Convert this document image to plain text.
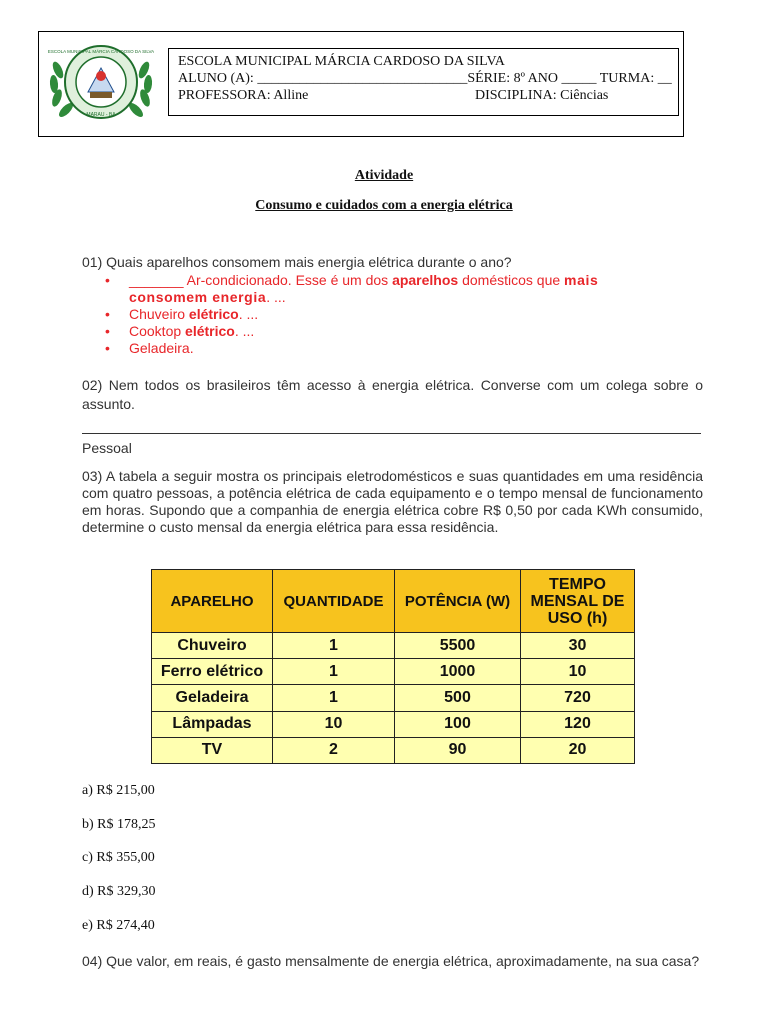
ESCOLA MUNICIPAL MÁRCIA CARDOSO DA SILVA
MARAU - BA
ESCOLA MUNICIPAL MÁRCIA CARDOSO DA SILVA
ALUNO (A): ______________________________ SÉRIE: 8º ANO _____ TURMA: __
PROFESSORA: Alline	DISCIPLINA: Ciências
Atividade
Consumo e cuidados com a energia elétrica
01) Quais aparelhos consomem mais energia elétrica durante o ano?
• _______ Ar-condicionado. Esse é um dos aparelhos domésticos que mais consomem energia. ...
• Chuveiro elétrico. ...
• Cooktop elétrico. ...
• Geladeira.
02) Nem todos os brasileiros têm acesso à energia elétrica. Converse com um colega sobre o assunto.
Pessoal
03) A tabela a seguir mostra os principais eletrodomésticos e suas quantidades em uma residência com quatro pessoas, a potência elétrica de cada equipamento e o tempo mensal de funcionamento em horas. Supondo que a companhia de energia elétrica cobre R$ 0,50 por cada KWh consumido, determine o custo mensal da energia elétrica para essa residência.
APARELHO	QUANTIDADE	POTÊNCIA (W)	TEMPO MENSAL DE USO (h)
Chuveiro	1	5500	30
Ferro elétrico	1	1000	10
Geladeira	1	500	720
Lâmpadas	10	100	120
TV	2	90	20
a) R$ 215,00
b) R$ 178,25
c) R$ 355,00
d) R$ 329,30
e) R$ 274,40
04) Que valor, em reais, é gasto mensalmente de energia elétrica, aproximadamente, na sua casa?
